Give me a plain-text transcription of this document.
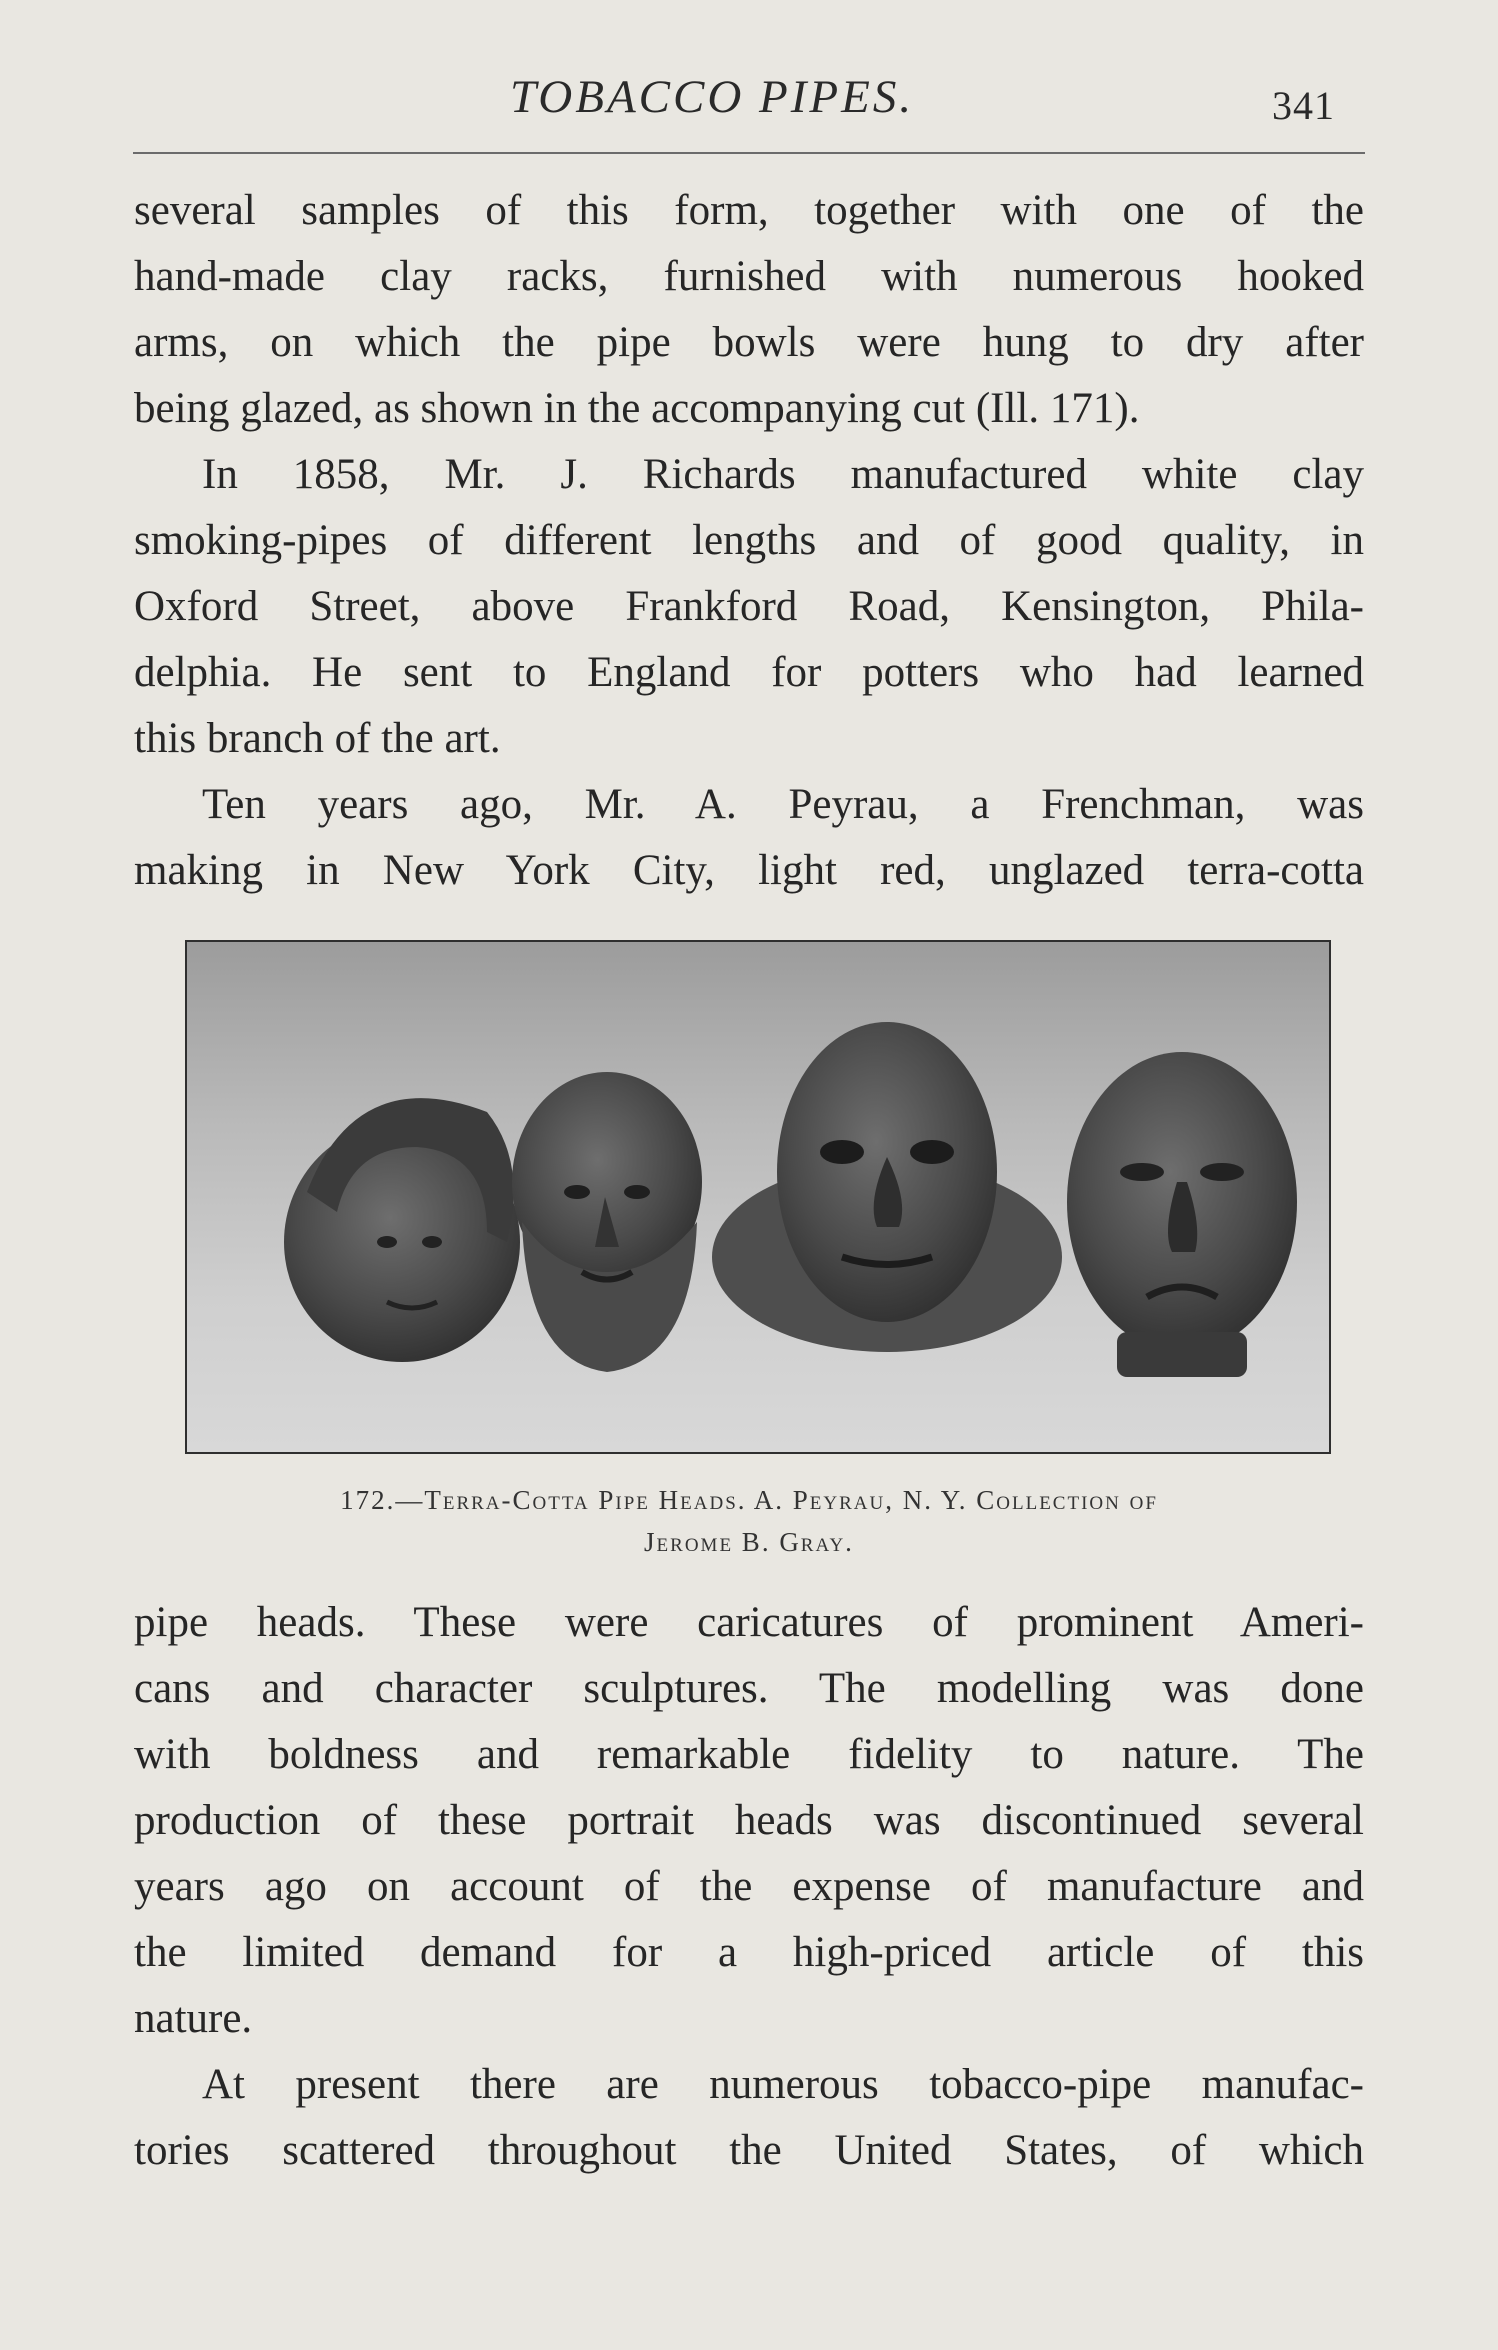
TOBACCO PIPES.	341
several samples of this form, together with one of the
hand-made clay racks, furnished with numerous hooked
arms, on which the pipe bowls were hung to dry after
being glazed, as shown in the accompanying cut (Ill. 171).
In 1858, Mr. J. Richards manufactured white clay
smoking-pipes of different lengths and of good quality, in
Oxford Street, above Frankford Road, Kensington, Phila-
delphia. He sent to England for potters who had learned
this branch of the art.
Ten years ago, Mr. A. Peyrau, a Frenchman, was
making in New York City, light red, unglazed terra-cotta
172.—Terra-Cotta Pipe Heads. A. Peyrau, N. Y. Collection of
Jerome B. Gray.
pipe heads. These were caricatures of prominent Ameri-
cans and character sculptures. The modelling was done
with boldness and remarkable fidelity to nature. The
production of these portrait heads was discontinued several
years ago on account of the expense of manufacture and
the limited demand for a high-priced article of this
nature.
At present there are numerous tobacco-pipe manufac-
tories scattered throughout the United States, of which
